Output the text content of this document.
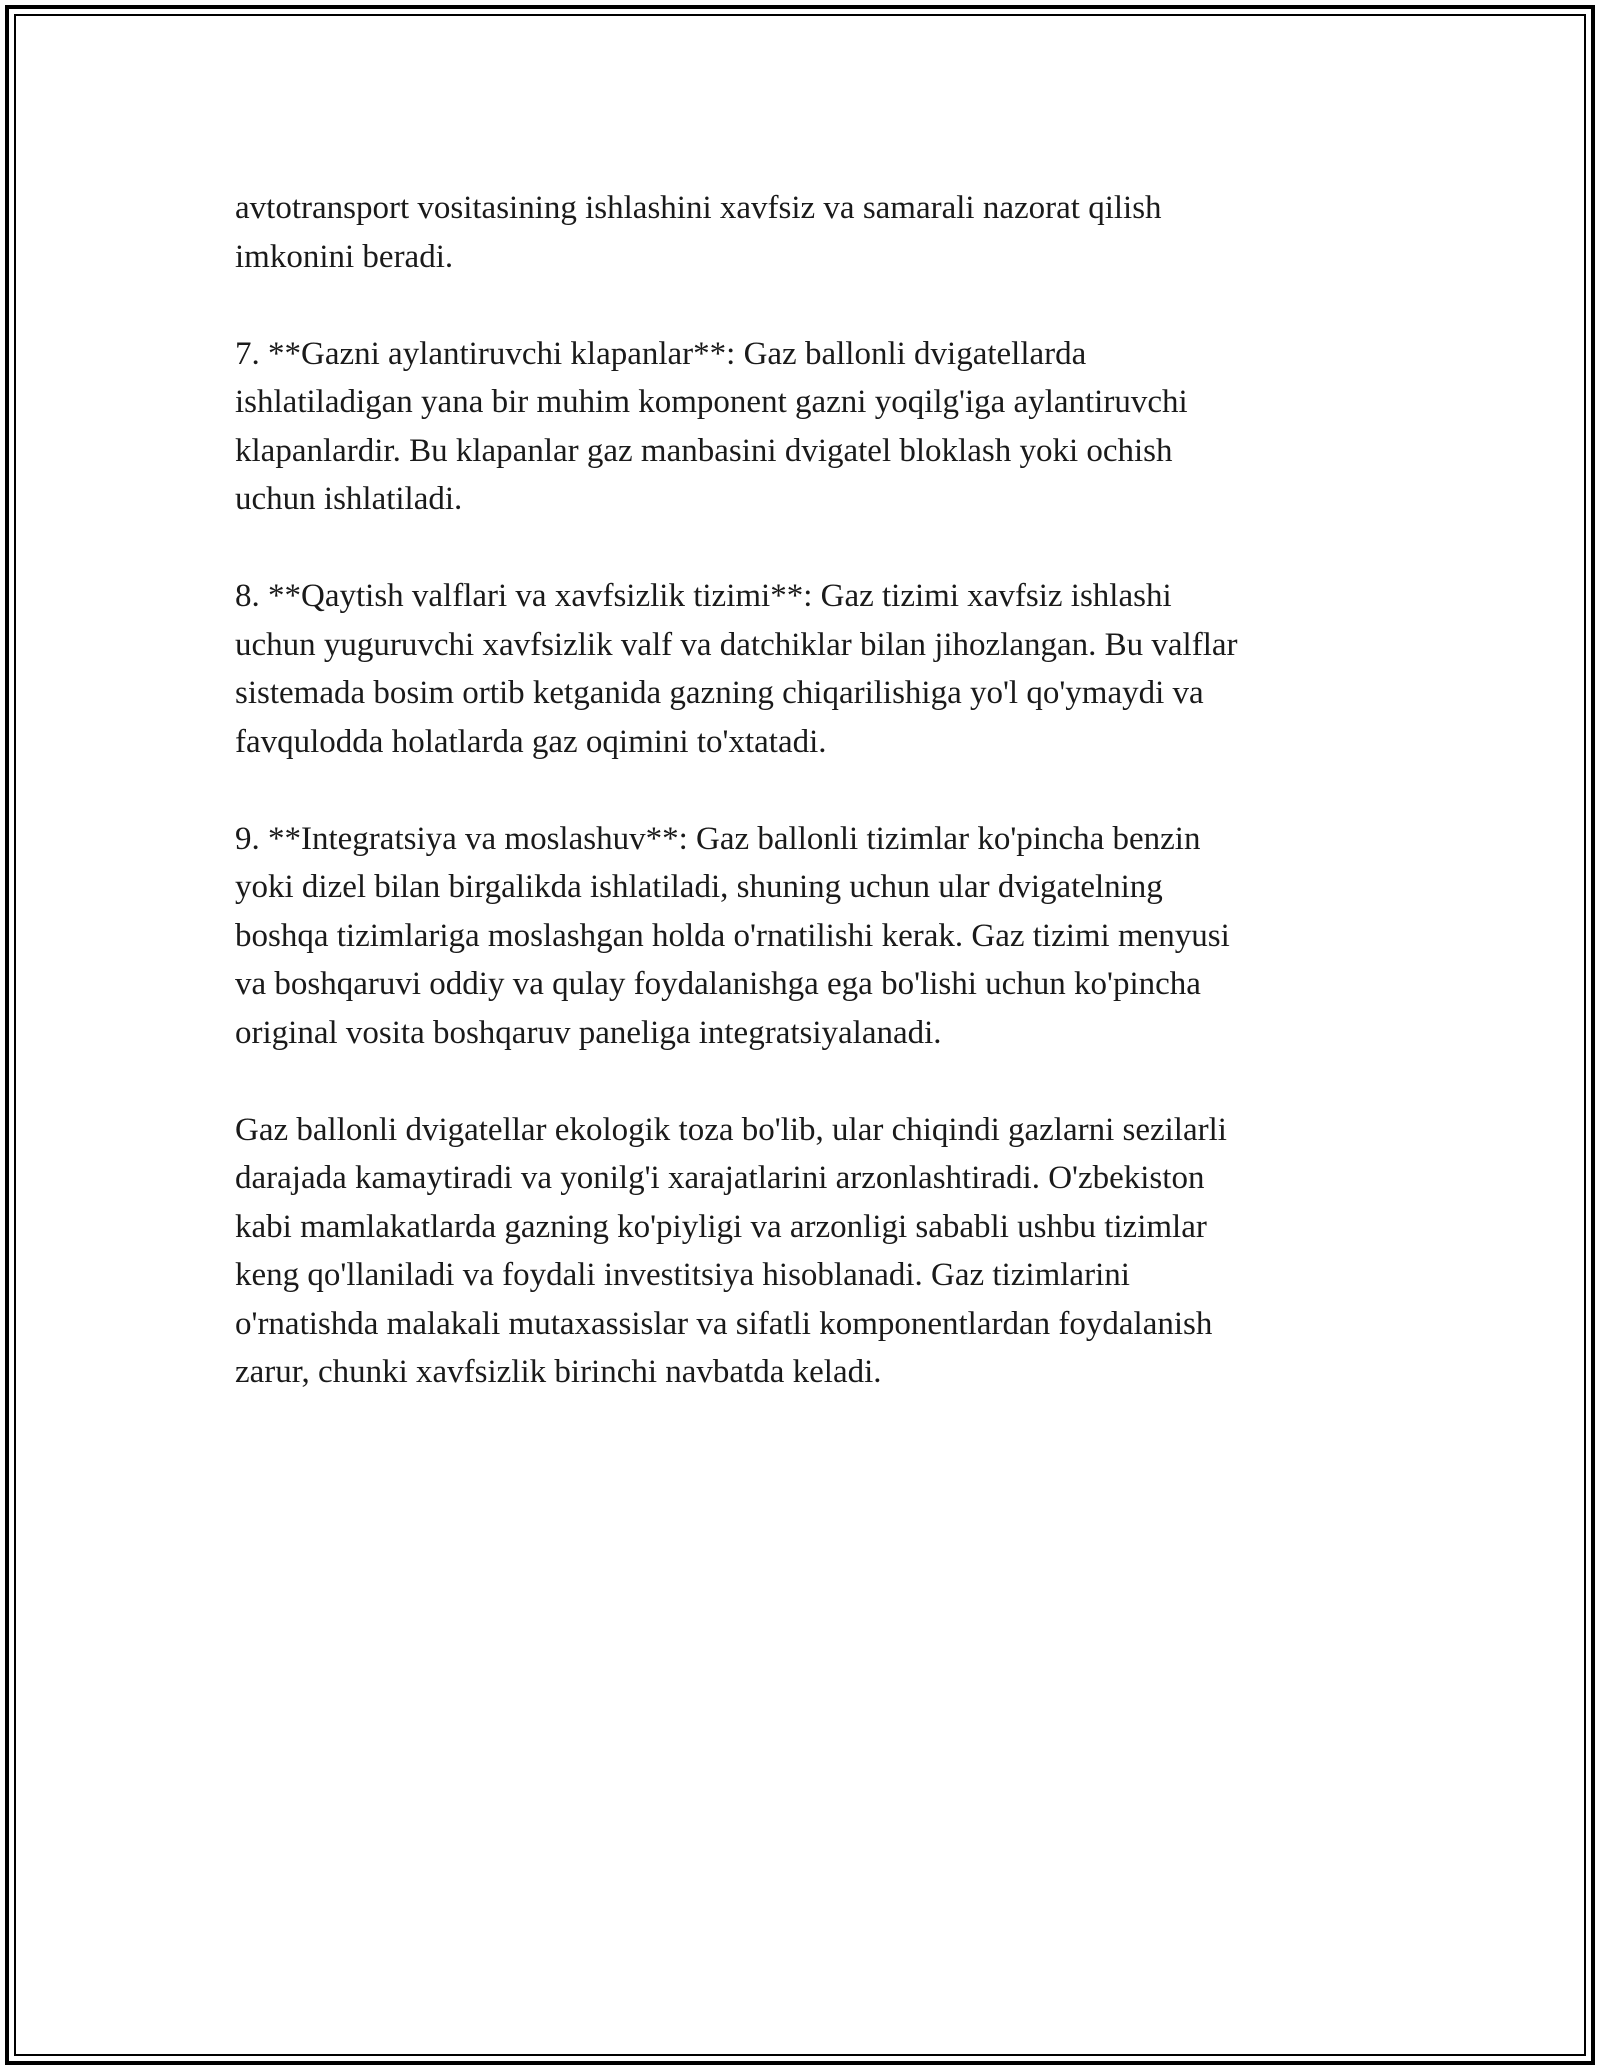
avtotransport vositasining ishlashini xavfsiz va samarali nazorat qilish
imkonini beradi.

7. **Gazni aylantiruvchi klapanlar**: Gaz ballonli dvigatellarda
ishlatiladigan yana bir muhim komponent gazni yoqilg'iga aylantiruvchi
klapanlardir. Bu klapanlar gaz manbasini dvigatel bloklash yoki ochish
uchun ishlatiladi.

8. **Qaytish valflari va xavfsizlik tizimi**: Gaz tizimi xavfsiz ishlashi
uchun yuguruvchi xavfsizlik valf va datchiklar bilan jihozlangan. Bu valflar
sistemada bosim ortib ketganida gazning chiqarilishiga yo'l qo'ymaydi va
favqulodda holatlarda gaz oqimini to'xtatadi.

9. **Integratsiya va moslashuv**: Gaz ballonli tizimlar ko'pincha benzin
yoki dizel bilan birgalikda ishlatiladi, shuning uchun ular dvigatelning
boshqa tizimlariga moslashgan holda o'rnatilishi kerak. Gaz tizimi menyusi
va boshqaruvi oddiy va qulay foydalanishga ega bo'lishi uchun ko'pincha
original vosita boshqaruv paneliga integratsiyalanadi.

Gaz ballonli dvigatellar ekologik toza bo'lib, ular chiqindi gazlarni sezilarli
darajada kamaytiradi va yonilg'i xarajatlarini arzonlashtiradi. O'zbekiston
kabi mamlakatlarda gazning ko'piyligi va arzonligi sababli ushbu tizimlar
keng qo'llaniladi va foydali investitsiya hisoblanadi. Gaz tizimlarini
o'rnatishda malakali mutaxassislar va sifatli komponentlardan foydalanish
zarur, chunki xavfsizlik birinchi navbatda keladi.
